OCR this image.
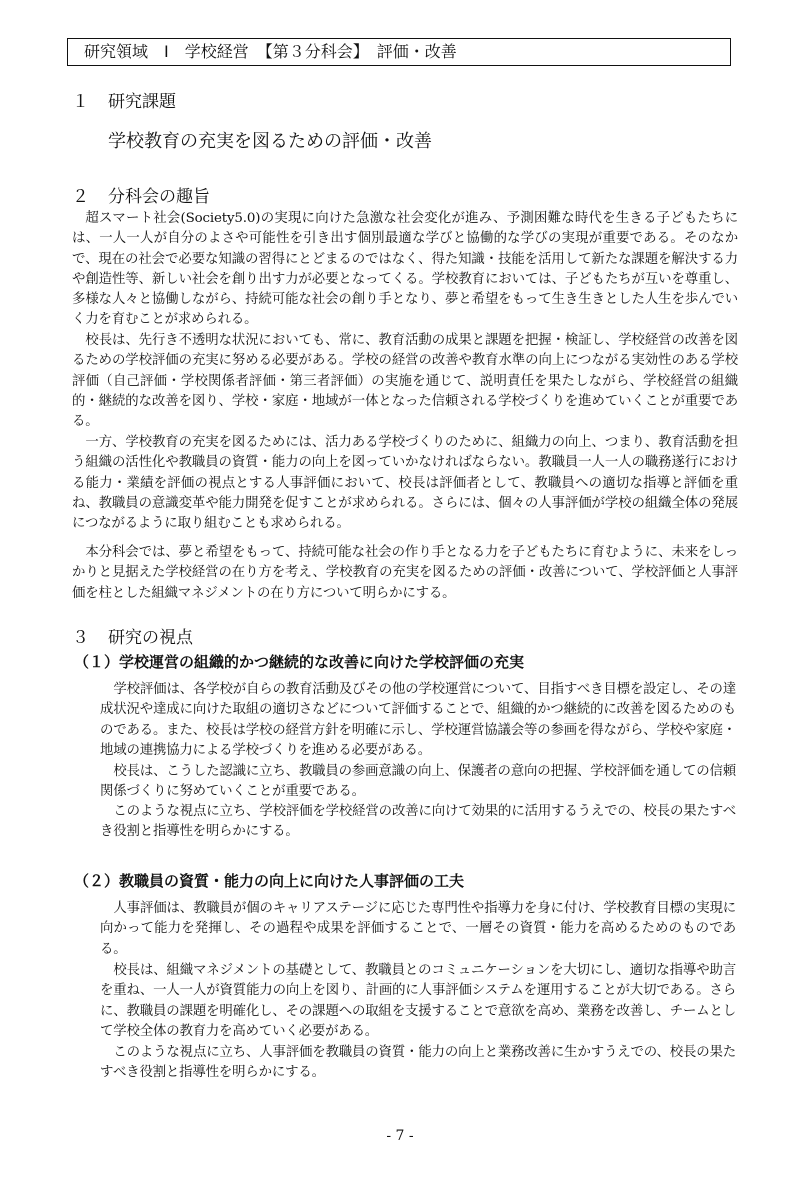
研究領域　Ⅰ　学校経営　【第３分科会】　評価・改善
１ 研究課題
学校教育の充実を図るための評価・改善
２ 分科会の趣旨

超スマート社会(Society5.0)の実現に向けた急激な社会変化が進み、予測困難な時代を生きる子どもたちには、一人一人が自分のよさや可能性を引き出す個別最適な学びと協働的な学びの実現が重要である。そのなかで、現在の社会で必要な知識の習得にとどまるのではなく、得た知識・技能を活用して新たな課題を解決する力や創造性等、新しい社会を創り出す力が必要となってくる。学校教育においては、子どもたちが互いを尊重し、多様な人々と協働しながら、持続可能な社会の創り手となり、夢と希望をもって生き生きとした人生を歩んでいく力を育むことが求められる。

校長は、先行き不透明な状況においても、常に、教育活動の成果と課題を把握・検証し、学校経営の改善を図るための学校評価の充実に努める必要がある。学校の経営の改善や教育水準の向上につながる実効性のある学校評価（自己評価・学校関係者評価・第三者評価）の実施を通じて、説明責任を果たしながら、学校経営の組織的・継続的な改善を図り、学校・家庭・地域が一体となった信頼される学校づくりを進めていくことが重要である。

一方、学校教育の充実を図るためには、活力ある学校づくりのために、組織力の向上、つまり、教育活動を担う組織の活性化や教職員の資質・能力の向上を図っていかなければならない。教職員一人一人の職務遂行における能力・業績を評価の視点とする人事評価において、校長は評価者として、教職員への適切な指導と評価を重ね、教職員の意識変革や能力開発を促すことが求められる。さらには、個々の人事評価が学校の組織全体の発展につながるように取り組むことも求められる。

本分科会では、夢と希望をもって、持続可能な社会の作り手となる力を子どもたちに育むように、未来をしっかりと見据えた学校経営の在り方を考え、学校教育の充実を図るための評価・改善について、学校評価と人事評価を柱とした組織マネジメントの在り方について明らかにする。

３ 研究の視点
（１）学校運営の組織的かつ継続的な改善に向けた学校評価の充実

学校評価は、各学校が自らの教育活動及びその他の学校運営について、目指すべき目標を設定し、その達成状況や達成に向けた取組の適切さなどについて評価することで、組織的かつ継続的に改善を図るためのものである。また、校長は学校の経営方針を明確に示し、学校運営協議会等の参画を得ながら、学校や家庭・地域の連携協力による学校づくりを進める必要がある。

校長は、こうした認識に立ち、教職員の参画意識の向上、保護者の意向の把握、学校評価を通しての信頼関係づくりに努めていくことが重要である。

このような視点に立ち、学校評価を学校経営の改善に向けて効果的に活用するうえでの、校長の果たすべき役割と指導性を明らかにする。

（２）教職員の資質・能力の向上に向けた人事評価の工夫

人事評価は、教職員が個のキャリアステージに応じた専門性や指導力を身に付け、学校教育目標の実現に向かって能力を発揮し、その過程や成果を評価することで、一層その資質・能力を高めるためのものである。

校長は、組織マネジメントの基礎として、教職員とのコミュニケーションを大切にし、適切な指導や助言を重ね、一人一人が資質能力の向上を図り、計画的に人事評価システムを運用することが大切である。さらに、教職員の課題を明確化し、その課題への取組を支援することで意欲を高め、業務を改善し、チームとして学校全体の教育力を高めていく必要がある。

このような視点に立ち、人事評価を教職員の資質・能力の向上と業務改善に生かすうえでの、校長の果たすべき役割と指導性を明らかにする。

- 7 -
